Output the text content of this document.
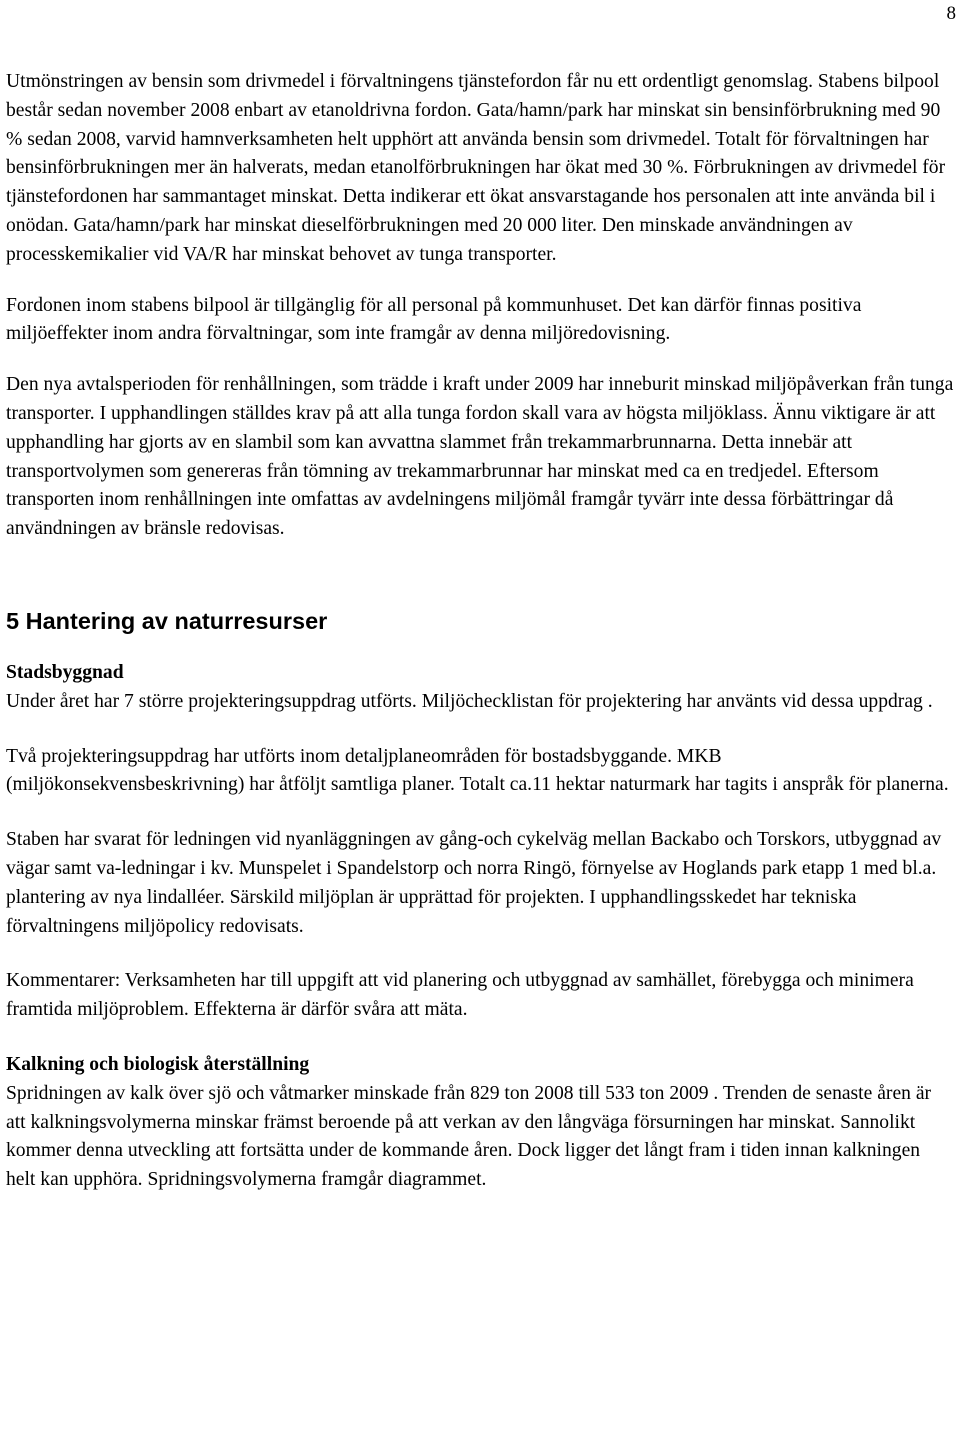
8

Utmönstringen av bensin som drivmedel i förvaltningens tjänstefordon får nu ett ordentligt genomslag. Stabens bilpool består sedan november 2008 enbart av etanoldrivna fordon. Gata/hamn/park har minskat sin bensinförbrukning med 90 % sedan 2008, varvid hamnverksamheten helt upphört att använda bensin som drivmedel. Totalt för förvaltningen har bensinförbrukningen mer än halverats, medan etanolförbrukningen har ökat med 30 %. Förbrukningen av drivmedel för tjänstefordonen har sammantaget minskat. Detta indikerar ett ökat ansvarstagande hos personalen att inte använda bil i onödan. Gata/hamn/park har minskat dieselförbrukningen med 20 000 liter. Den minskade användningen av processkemikalier vid VA/R har minskat behovet av tunga transporter.

Fordonen inom stabens bilpool är tillgänglig för all personal på kommunhuset. Det kan därför finnas positiva miljöeffekter inom andra förvaltningar, som inte framgår av denna miljöredovisning.

Den nya avtalsperioden för renhållningen, som trädde i kraft under 2009 har inneburit minskad miljöpåverkan från tunga transporter. I upphandlingen ställdes krav på att alla tunga fordon skall vara av högsta miljöklass. Ännu viktigare är att upphandling har gjorts av en slambil som kan avvattna slammet från trekammarbrunnarna. Detta innebär att transportvolymen som genereras från tömning av trekammarbrunnar har minskat med ca en tredjedel. Eftersom transporten inom renhållningen inte omfattas av avdelningens miljömål framgår tyvärr inte dessa förbättringar då användningen av bränsle redovisas.

5 Hantering av naturresurser
Stadsbyggnad

Under året har 7 större projekteringsuppdrag utförts. Miljöchecklistan för projektering har använts vid dessa uppdrag .

Två projekteringsuppdrag har utförts inom detaljplaneområden för bostadsbyggande. MKB (miljökonsekvensbeskrivning) har åtföljt samtliga planer. Totalt ca.11 hektar naturmark har tagits i anspråk för planerna.

Staben har svarat för ledningen vid nyanläggningen av gång-och cykelväg mellan Backabo och Torskors, utbyggnad av vägar samt va-ledningar i kv. Munspelet i Spandelstorp och norra Ringö, förnyelse av Hoglands park etapp 1 med bl.a. plantering av nya lindalléer. Särskild miljöplan är upprättad för projekten. I upphandlingsskedet har tekniska förvaltningens miljöpolicy redovisats.

Kommentarer: Verksamheten har till uppgift att vid planering och utbyggnad av samhället, förebygga och minimera framtida miljöproblem. Effekterna är därför svåra att mäta.

Kalkning och biologisk återställning

Spridningen av kalk över sjö och våtmarker minskade från 829 ton 2008 till 533 ton 2009 . Trenden de senaste åren är att kalkningsvolymerna minskar främst beroende på att verkan av den långväga försurningen har minskat. Sannolikt kommer denna utveckling att fortsätta under de kommande åren. Dock ligger det långt fram i tiden innan kalkningen helt kan upphöra. Spridningsvolymerna framgår diagrammet.
